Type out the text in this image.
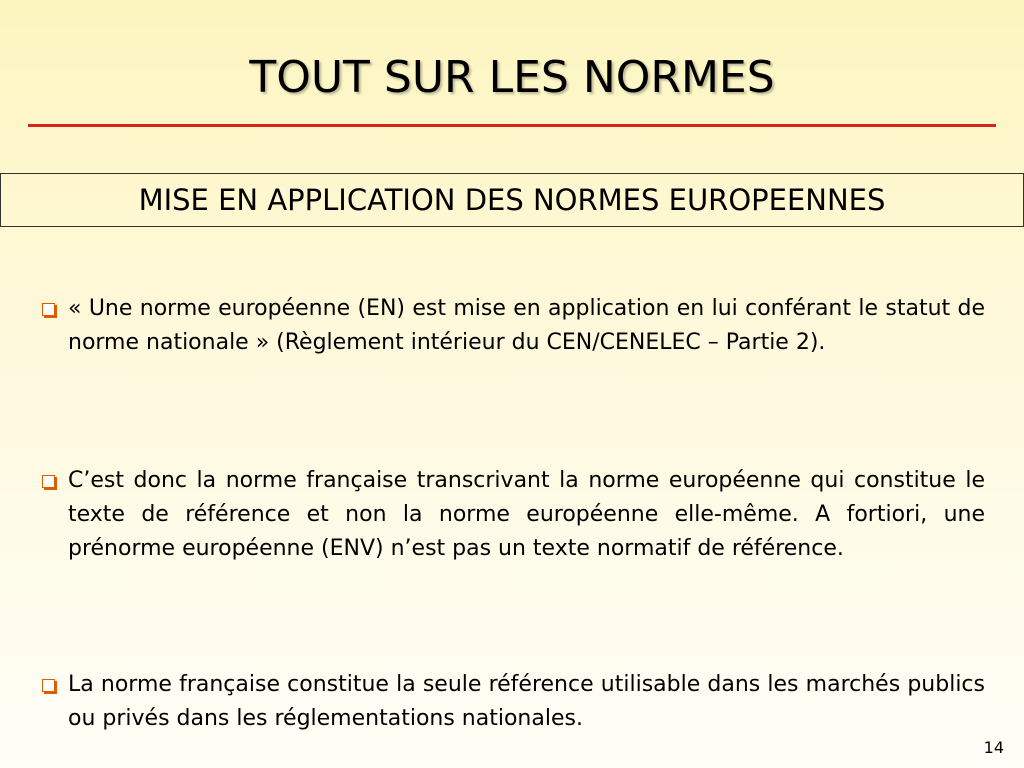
TOUT SUR LES NORMES
MISE EN APPLICATION DES NORMES EUROPEENNES
« Une norme européenne (EN) est mise en application en lui conférant le statut de norme nationale » (Règlement intérieur du CEN/CENELEC – Partie 2).
C’est donc la norme française transcrivant la norme européenne qui constitue le texte de référence et non la norme européenne elle-même. A fortiori, une prénorme européenne (ENV) n’est pas un texte normatif de référence.
La norme française constitue la seule référence utilisable dans les marchés publics ou privés dans les réglementations nationales.
14
